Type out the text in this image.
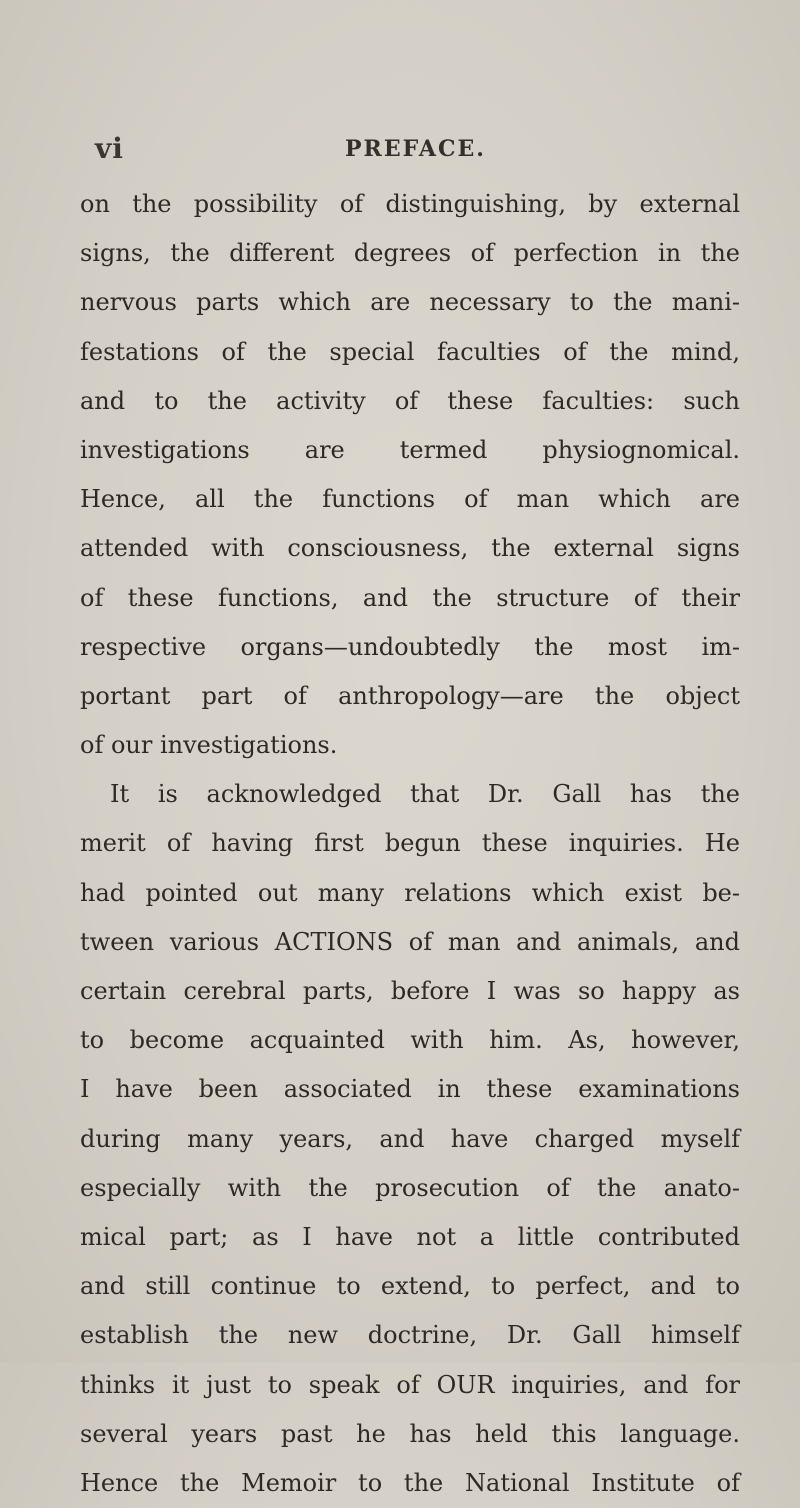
vi	PREFACE.
on the possibility of distinguishing, by external
signs, the different degrees of perfection in the
nervous parts which are necessary to the mani-
festations of the special faculties of the mind,
and to the activity of these faculties: such
investigations are termed physiognomical.
Hence, all the functions of man which are
attended with consciousness, the external signs
of these functions, and the structure of their
respective organs—undoubtedly the most im-
portant part of anthropology—are the object
of our investigations.
It is acknowledged that Dr. Gall has the
merit of having first begun these inquiries. He
had pointed out many relations which exist be-
tween various ACTIONS of man and animals, and
certain cerebral parts, before I was so happy as
to become acquainted with him. As, however,
I have been associated in these examinations
during many years, and have charged myself
especially with the prosecution of the anato-
mical part; as I have not a little contributed
and still continue to extend, to perfect, and to
establish the new doctrine, Dr. Gall himself
thinks it just to speak of OUR inquiries, and for
several years past he has held this language.
Hence the Memoir to the National Institute of
